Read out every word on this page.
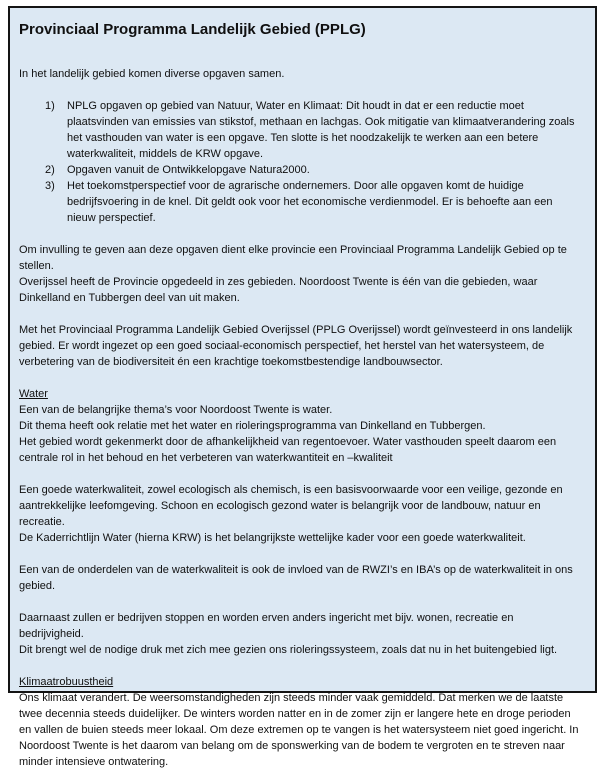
Provinciaal Programma Landelijk Gebied (PPLG)
In het landelijk gebied komen diverse opgaven samen.
1)	NPLG opgaven op gebied van Natuur, Water en Klimaat: Dit houdt in dat er een reductie moet plaatsvinden van emissies van stikstof, methaan en lachgas. Ook mitigatie van klimaatverandering zoals het vasthouden van water is een opgave. Ten slotte is het noodzakelijk te werken aan een betere waterkwaliteit, middels de KRW opgave.
2)	Opgaven vanuit de Ontwikkelopgave Natura2000.
3)	Het toekomstperspectief voor de agrarische ondernemers. Door alle opgaven komt de huidige bedrijfsvoering in de knel. Dit geldt ook voor het economische verdienmodel. Er is behoefte aan een nieuw perspectief.
Om invulling te geven aan deze opgaven dient elke provincie een Provinciaal Programma Landelijk Gebied op te stellen.
Overijssel heeft de Provincie opgedeeld in zes gebieden. Noordoost Twente is één van die gebieden, waar Dinkelland en Tubbergen deel van uit maken.
Met het Provinciaal Programma Landelijk Gebied Overijssel (PPLG Overijssel) wordt geïnvesteerd in ons landelijk gebied. Er wordt ingezet op een goed sociaal-economisch perspectief, het herstel van het watersysteem, de verbetering van de biodiversiteit én een krachtige toekomstbestendige landbouwsector.
Water
Een van de belangrijke thema’s voor Noordoost Twente is water.
Dit thema heeft ook relatie met het water en rioleringsprogramma van Dinkelland en Tubbergen.
Het gebied wordt gekenmerkt door de afhankelijkheid van regentoevoer. Water vasthouden speelt daarom een centrale rol in het behoud en het verbeteren van waterkwantiteit en –kwaliteit
Een goede waterkwaliteit, zowel ecologisch als chemisch, is een basisvoorwaarde voor een veilige, gezonde en aantrekkelijke leefomgeving. Schoon en ecologisch gezond water is belangrijk voor de landbouw, natuur en recreatie.
De Kaderrichtlijn Water (hierna KRW) is het belangrijkste wettelijke kader voor een goede waterkwaliteit.
Een van de onderdelen van de waterkwaliteit is ook de invloed van de RWZI’s en IBA’s op de waterkwaliteit in ons gebied.
Daarnaast zullen er bedrijven stoppen en worden erven anders ingericht met bijv. wonen, recreatie en bedrijvigheid.
Dit brengt wel de nodige druk met zich mee gezien ons rioleringssysteem, zoals dat nu in het buitengebied ligt.
Klimaatrobuustheid
Ons klimaat verandert. De weersomstandigheden zijn steeds minder vaak gemiddeld. Dat merken we de laatste twee decennia steeds duidelijker. De winters worden natter en in de zomer zijn er langere hete en droge perioden en vallen de buien steeds meer lokaal. Om deze extremen op te vangen is het watersysteem niet goed ingericht. In Noordoost Twente is het daarom van belang om de sponswerking van de bodem te vergroten en te streven naar minder intensieve ontwatering.
